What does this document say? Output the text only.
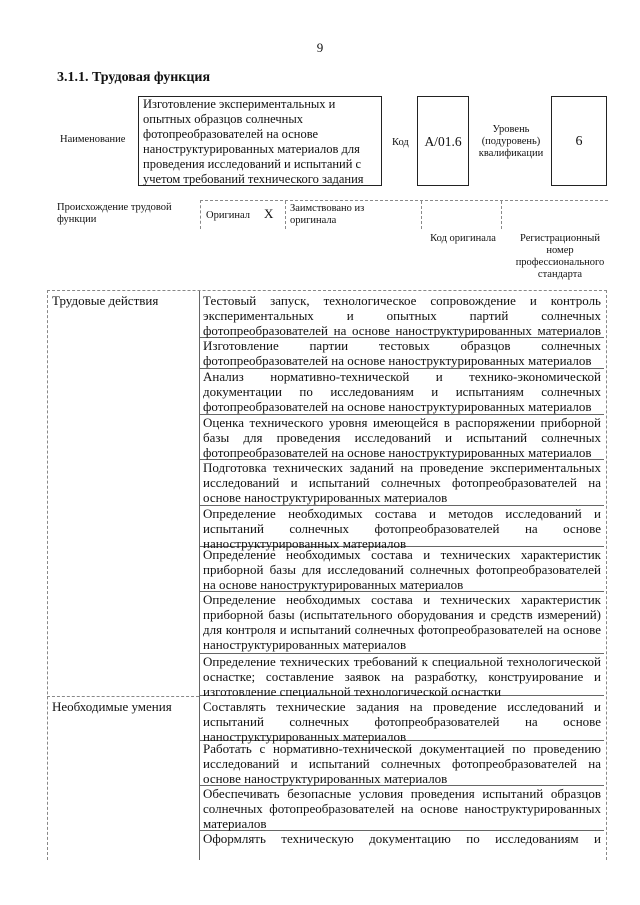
9
3.1.1. Трудовая функция
Наименование
Изготовление экспериментальных и опытных образцов солнечных фотопреобразователей на основе наноструктурированных материалов для проведения исследований и испытаний с учетом требований технического задания
Код	A/01.6
Уровень (подуровень) квалификации
6
Происхождение трудовой функции	Оригинал X Заимствовано из оригинала
Код оригинала	Регистрационный номер профессионального стандарта
Трудовые действия	Тестовый запуск, технологическое сопровождение и контроль экспериментальных и опытных партий солнечных фотопреобразователей на основе наноструктурированных материалов
Изготовление партии тестовых образцов солнечных фотопреобразователей на основе наноструктурированных материалов
Анализ нормативно-технической и технико-экономической документации по исследованиям и испытаниям солнечных фотопреобразователей на основе наноструктурированных материалов
Оценка технического уровня имеющейся в распоряжении приборной базы для проведения исследований и испытаний солнечных фотопреобразователей на основе наноструктурированных материалов
Подготовка технических заданий на проведение экспериментальных исследований и испытаний солнечных фотопреобразователей на основе наноструктурированных материалов
Определение необходимых состава и методов исследований и испытаний солнечных фотопреобразователей на основе наноструктурированных материалов
Определение необходимых состава и технических характеристик приборной базы для исследований солнечных фотопреобразователей на основе наноструктурированных материалов
Определение необходимых состава и технических характеристик приборной базы (испытательного оборудования и средств измерений) для контроля и испытаний солнечных фотопреобразователей на основе наноструктурированных материалов
Определение технических требований к специальной технологической оснастке; составление заявок на разработку, конструирование и изготовление специальной технологической оснастки
Необходимые умения Составлять технические задания на проведение исследований и испытаний солнечных фотопреобразователей на основе наноструктурированных материалов
Работать с нормативно-технической документацией по проведению исследований и испытаний солнечных фотопреобразователей на основе наноструктурированных материалов
Обеспечивать безопасные условия проведения испытаний образцов солнечных фотопреобразователей на основе наноструктурированных материалов
Оформлять техническую документацию по исследованиям и
